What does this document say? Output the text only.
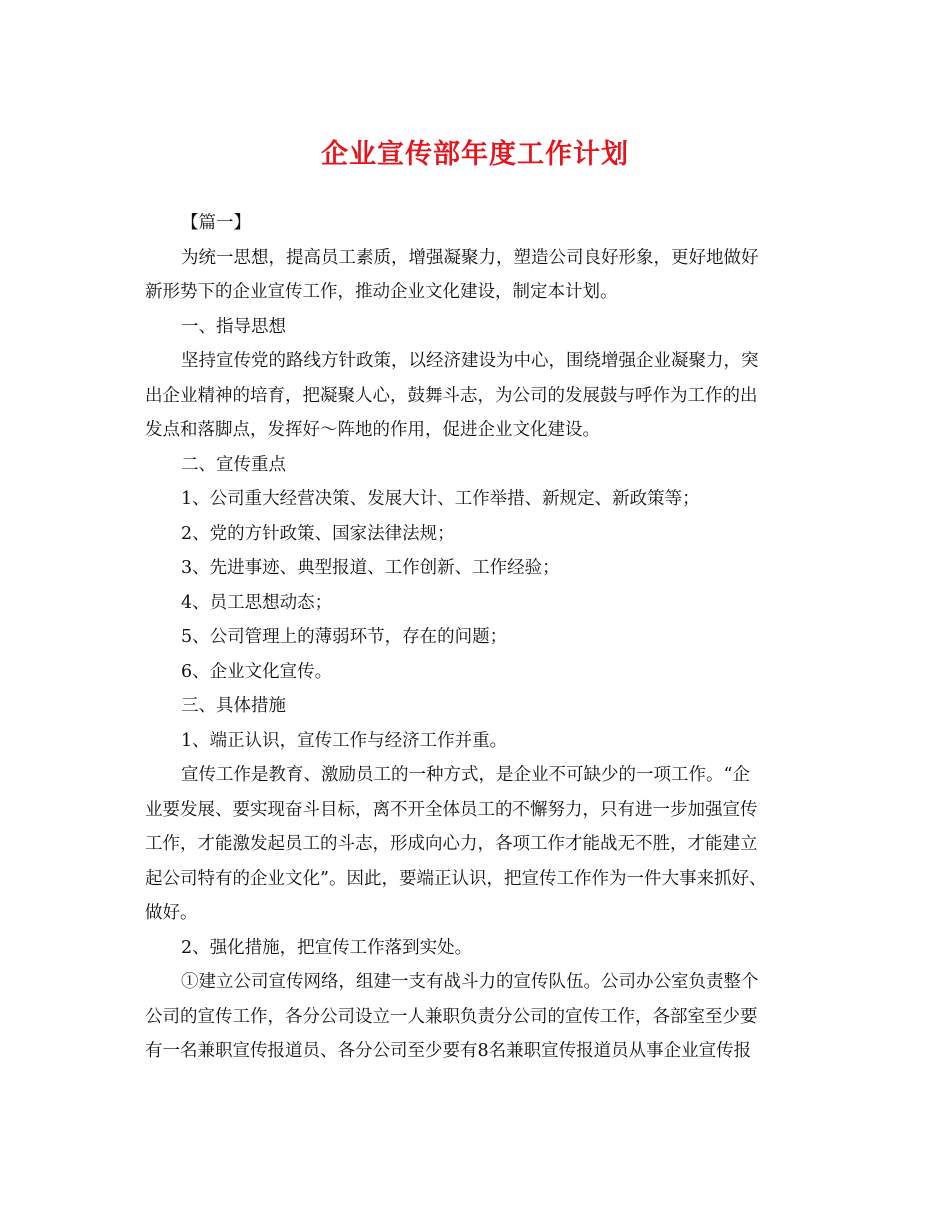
企业宣传部年度工作计划

【篇一】

为统一思想，提高员工素质，增强凝聚力，塑造公司良好形象，更好地做好
新形势下的企业宣传工作，推动企业文化建设，制定本计划。

一、指导思想

坚持宣传党的路线方针政策，以经济建设为中心，围绕增强企业凝聚力，突
出企业精神的培育，把凝聚人心，鼓舞斗志，为公司的发展鼓与呼作为工作的出
发点和落脚点，发挥好～阵地的作用，促进企业文化建设。

二、宣传重点

1、公司重大经营决策、发展大计、工作举措、新规定、新政策等；

2、党的方针政策、国家法律法规；

3、先进事迹、典型报道、工作创新、工作经验；

4、员工思想动态；

5、公司管理上的薄弱环节，存在的问题；

6、企业文化宣传。

三、具体措施

1、端正认识，宣传工作与经济工作并重。

宣传工作是教育、激励员工的一种方式，是企业不可缺少的一项工作。“企
业要发展、要实现奋斗目标，离不开全体员工的不懈努力，只有进一步加强宣传
工作，才能激发起员工的斗志，形成向心力，各项工作才能战无不胜，才能建立
起公司特有的企业文化”。因此，要端正认识，把宣传工作作为一件大事来抓好、
做好。

2、强化措施，把宣传工作落到实处。

①建立公司宣传网络，组建一支有战斗力的宣传队伍。公司办公室负责整个
公司的宣传工作，各分公司设立一人兼职负责分公司的宣传工作，各部室至少要
有一名兼职宣传报道员、各分公司至少要有8名兼职宣传报道员从事企业宣传报
